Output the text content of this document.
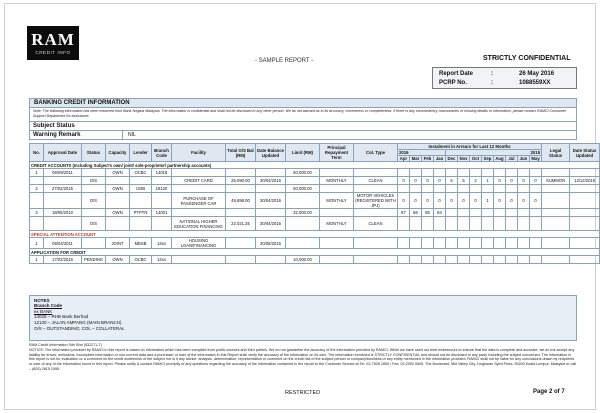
RAM
CREDIT INFO
- SAMPLE REPORT -	STRICTLY CONFIDENTIAL
Report Date	:	26 May 2016
PCRP No.	:	1088559XX
BANKING CREDIT INFORMATION
Note: The following information has been extracted from Bank Negara Malaysia. The information is confidential and shall not be disclosed to any other person. We do not warrant as to its accuracy, correctness or completeness. If there is any inconsistency, inaccuracies or missing details or information, please contact RAMCI Consumer Support Department for assistance.
Subject Status
Warning Remark	NIL
No.	Approval Date	Status	Capacity	Lender	Branch Code	Facility	Total O/S Bal (RM)	Date Balance Updated	Limit (RM)	Principal Repayment Term	Col. Type	Instalment in Arrears for Last 12 Months												Legal Status	Date Status Updated
												2016				2015									
												Apr	Mar	Feb	Jan	Dec	Nov	Oct	Sep	Aug	Jul	Jun	May		
CREDIT ACCOUNTS (Including Subject's own/ joint/ sole-proprietor/ partnership accounts)																									
1	06/09/2011		OWN	OCBC	14018				50,000.00																
		O/S				CREDIT CARD	25,090.00	30/04/2016		MONTHLY	CLEAN	0	0	0	0	6	5	2	1	0	0	0	0	SUMMON	12/12/2015
2	27/02/2015		OWN	UOB	18120				50,000.00																
		O/S				PURCHASE OF PASSENGER CAR	49,898.00	30/04/2016		MONTHLY	MOTOR VEHICLES (REGISTERED WITH JPJ)	0	0	0	0	0	0	0	1	0	0	0	0		
3	18/05/2010		OWN	PTPTN	14001				32,000.00			87	86	85	84										
		O/S				NATIONAL HIGHER EDUCATION FINANCING	22,021.25	30/04/2016		MONTHLY	CLEAN														
SPECIAL ATTENTION ACCOUNT																									
1	09/04/2011		JOINT	MBSB	13xx	HOUSING LOAN/FINANCING		30/06/2015																	
APPLICATION FOR CREDIT																									
1	17/02/2016	PENDING	OWN	OCBC	14xx				10,000.00																
NOTES
Branch Code
ex BANK
14028 – RHB Bank Berhad
12120 – JALAN AMPANG (MAIN BRANCH)
O/S – OUTSTANDING; COL – COLLATERAL
RAM Credit Information Sdn Bhd (532271-T)
NOTICE: The information provided by RAMCI in this report is based on information which has been compiled from public sources and third parties. We do not guarantee the accuracy of the information provided by RAMCI. While we have used our best endeavours to ensure that the data is complete and accurate, we do not accept any liability for errors, omissions, incomplete information or non-current data and a purchaser or user of the information in this Report shall verify the accuracy of the information on its own. The information furnished is STRICTLY CONFIDENTIAL and should not be disclosed to any party including the subject concerned. The information in this report is not for evaluation or a comment on the credit worthiness of the subject nor is it any advice, analysis, determination, representation or comment on the credit risk of the subject person or company/business or any entity mentioned in the information provided. RAMCI shall not be liable for any conclusions drawn by recipients or user of any of the information found in this report. Please notify & contact RAMCI promptly of any questions regarding the accuracy of the information contained in the report to the Customer Service at Tel: 03-7628 1800 / Fax: 03-2092 5505. The Boulevard, Mid Valley City, Lingkaran Syed Putra, 59200 Kuala Lumpur, Malaysia or call – (603) 2615 1595.
RESTRICTED	Page 2 of 7
